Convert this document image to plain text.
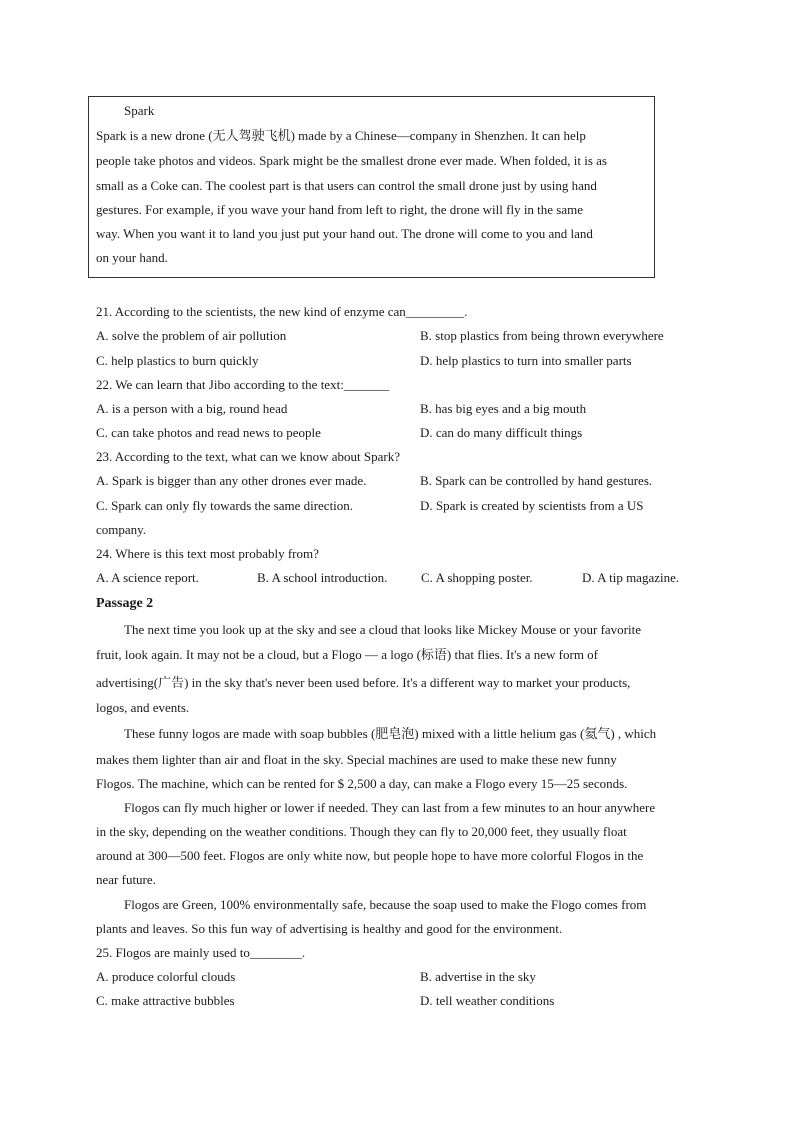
Spark
Spark is a new drone (无人驾驶飞机) made by a Chinese—company in Shenzhen. It can help
people take photos and videos. Spark might be the smallest drone ever made. When folded, it is as
small as a Coke can. The coolest part is that users can control the small drone just by using hand
gestures. For example, if you wave your hand from left to right, the drone will fly in the same
way. When you want it to land you just put your hand out. The drone will come to you and land
on your hand.
21. According to the scientists, the new kind of enzyme can_________.
A. solve the problem of air pollution	B. stop plastics from being thrown everywhere
C. help plastics to burn quickly	D. help plastics to turn into smaller parts
22. We can learn that Jibo according to the text:_______
A. is a person with a big, round head	B. has big eyes and a big mouth
C. can take photos and read news to people	D. can do many difficult things
23. According to the text, what can we know about Spark?
A. Spark is bigger than any other drones ever made.	B. Spark can be controlled by hand gestures.
C. Spark can only fly towards the same direction.	D. Spark is created by scientists from a US
company.
24. Where is this text most probably from?
A. A science report.	B. A school introduction.	C. A shopping poster.	D. A tip magazine.
Passage 2
The next time you look up at the sky and see a cloud that looks like Mickey Mouse or your favorite
fruit, look again. It may not be a cloud, but a Flogo — a logo (标语) that flies. It's a new form of
advertising(广告) in the sky that's never been used before. It's a different way to market your products,
logos, and events.
These funny logos are made with soap bubbles (肥皂泡) mixed with a little helium gas (氦气) , which
makes them lighter than air and float in the sky. Special machines are used to make these new funny
Flogos. The machine, which can be rented for $ 2,500 a day, can make a Flogo every 15—25 seconds.
Flogos can fly much higher or lower if needed. They can last from a few minutes to an hour anywhere
in the sky, depending on the weather conditions. Though they can fly to 20,000 feet, they usually float
around at 300—500 feet. Flogos are only white now, but people hope to have more colorful Flogos in the
near future.
Flogos are Green, 100% environmentally safe, because the soap used to make the Flogo comes from
plants and leaves. So this fun way of advertising is healthy and good for the environment.
25. Flogos are mainly used to________.
A. produce colorful clouds	B. advertise in the sky
C. make attractive bubbles	D. tell weather conditions
